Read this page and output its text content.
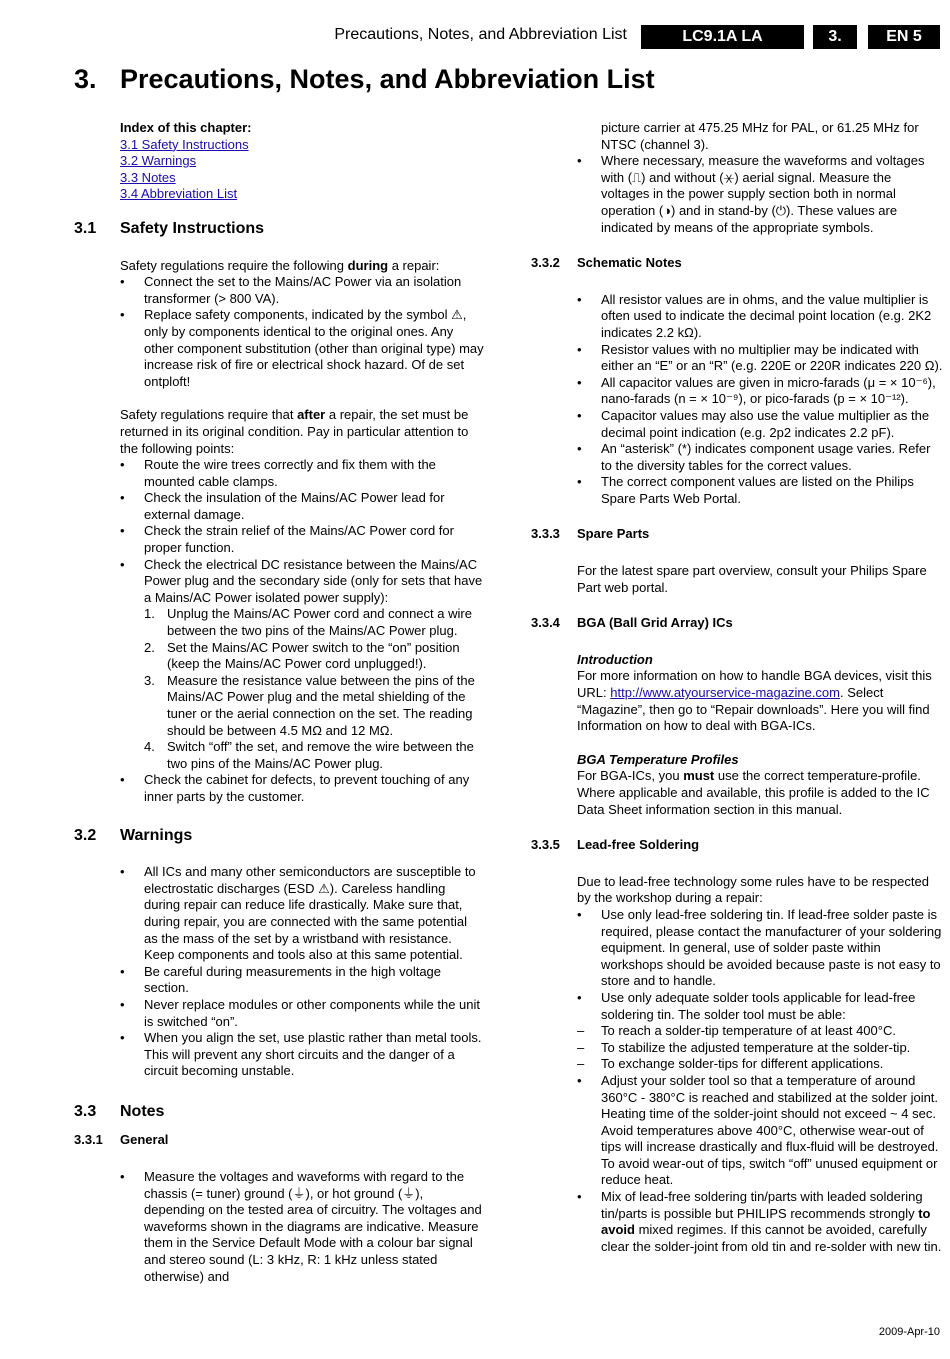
Precautions, Notes, and Abbreviation List	LC9.1A LA	3.	EN 5
3. Precautions, Notes, and Abbreviation List

Index of this chapter:

3.1 Safety Instructions
3.2 Warnings
3.3 Notes
3.4 Abbreviation List
3.1 Safety Instructions

Safety regulations require the following during a repair:

• Connect the set to the Mains/AC Power via an isolation transformer (> 800 VA).
• Replace safety components, indicated by the symbol ⚠, only by components identical to the original ones. Any other component substitution (other than original type) may increase risk of fire or electrical shock hazard. Of de set ontploft!

Safety regulations require that after a repair, the set must be returned in its original condition. Pay in particular attention to the following points:

• Route the wire trees correctly and fix them with the mounted cable clamps.
• Check the insulation of the Mains/AC Power lead for external damage.
• Check the strain relief of the Mains/AC Power cord for proper function.
• Check the electrical DC resistance between the Mains/AC Power plug and the secondary side (only for sets that have a Mains/AC Power isolated power supply):
1. Unplug the Mains/AC Power cord and connect a wire between the two pins of the Mains/AC Power plug.
2. Set the Mains/AC Power switch to the “on” position (keep the Mains/AC Power cord unplugged!).
3. Measure the resistance value between the pins of the Mains/AC Power plug and the metal shielding of the tuner or the aerial connection on the set. The reading should be between 4.5 MΩ and 12 MΩ.
4. Switch “off” the set, and remove the wire between the two pins of the Mains/AC Power plug.
• Check the cabinet for defects, to prevent touching of any inner parts by the customer.
3.2 Warnings
• All ICs and many other semiconductors are susceptible to electrostatic discharges (ESD ⚠). Careless handling during repair can reduce life drastically. Make sure that, during repair, you are connected with the same potential as the mass of the set by a wristband with resistance. Keep components and tools also at this same potential.
• Be careful during measurements in the high voltage section.
• Never replace modules or other components while the unit is switched “on”.
• When you align the set, use plastic rather than metal tools. This will prevent any short circuits and the danger of a circuit becoming unstable.
3.3 Notes
3.3.1 General
• Measure the voltages and waveforms with regard to the chassis (= tuner) ground (⏚), or hot ground (⏚), depending on the tested area of circuitry. The voltages and waveforms shown in the diagrams are indicative. Measure them in the Service Default Mode with a colour bar signal and stereo sound (L: 3 kHz, R: 1 kHz unless stated otherwise) and
picture carrier at 475.25 MHz for PAL, or 61.25 MHz for NTSC (channel 3).
• Where necessary, measure the waveforms and voltages with (⎍) and without (⚹) aerial signal. Measure the voltages in the power supply section both in normal operation (◑) and in stand-by (⏻). These values are indicated by means of the appropriate symbols.
3.3.2 Schematic Notes
• All resistor values are in ohms, and the value multiplier is often used to indicate the decimal point location (e.g. 2K2 indicates 2.2 kΩ).
• Resistor values with no multiplier may be indicated with either an “E” or an “R” (e.g. 220E or 220R indicates 220 Ω).
• All capacitor values are given in micro-farads (μ = × 10⁻⁶), nano-farads (n = × 10⁻⁹), or pico-farads (p = × 10⁻¹²).
• Capacitor values may also use the value multiplier as the decimal point indication (e.g. 2p2 indicates 2.2 pF).
• An “asterisk” (*) indicates component usage varies. Refer to the diversity tables for the correct values.
• The correct component values are listed on the Philips Spare Parts Web Portal.
3.3.3 Spare Parts

For the latest spare part overview, consult your Philips Spare Part web portal.

3.3.4 BGA (Ball Grid Array) ICs
Introduction

For more information on how to handle BGA devices, visit this URL: http://www.atyourservice-magazine.com. Select “Magazine”, then go to “Repair downloads”. Here you will find Information on how to deal with BGA-ICs.

BGA Temperature Profiles

For BGA-ICs, you must use the correct temperature-profile. Where applicable and available, this profile is added to the IC Data Sheet information section in this manual.

3.3.5 Lead-free Soldering

Due to lead-free technology some rules have to be respected by the workshop during a repair:

• Use only lead-free soldering tin. If lead-free solder paste is required, please contact the manufacturer of your soldering equipment. In general, use of solder paste within workshops should be avoided because paste is not easy to store and to handle.
• Use only adequate solder tools applicable for lead-free soldering tin. The solder tool must be able:
– To reach a solder-tip temperature of at least 400°C.
– To stabilize the adjusted temperature at the solder-tip.
– To exchange solder-tips for different applications.
• Adjust your solder tool so that a temperature of around 360°C - 380°C is reached and stabilized at the solder joint. Heating time of the solder-joint should not exceed ~ 4 sec. Avoid temperatures above 400°C, otherwise wear-out of tips will increase drastically and flux-fluid will be destroyed. To avoid wear-out of tips, switch “off” unused equipment or reduce heat.
• Mix of lead-free soldering tin/parts with leaded soldering tin/parts is possible but PHILIPS recommends strongly to avoid mixed regimes. If this cannot be avoided, carefully clear the solder-joint from old tin and re-solder with new tin.
2009-Apr-10
